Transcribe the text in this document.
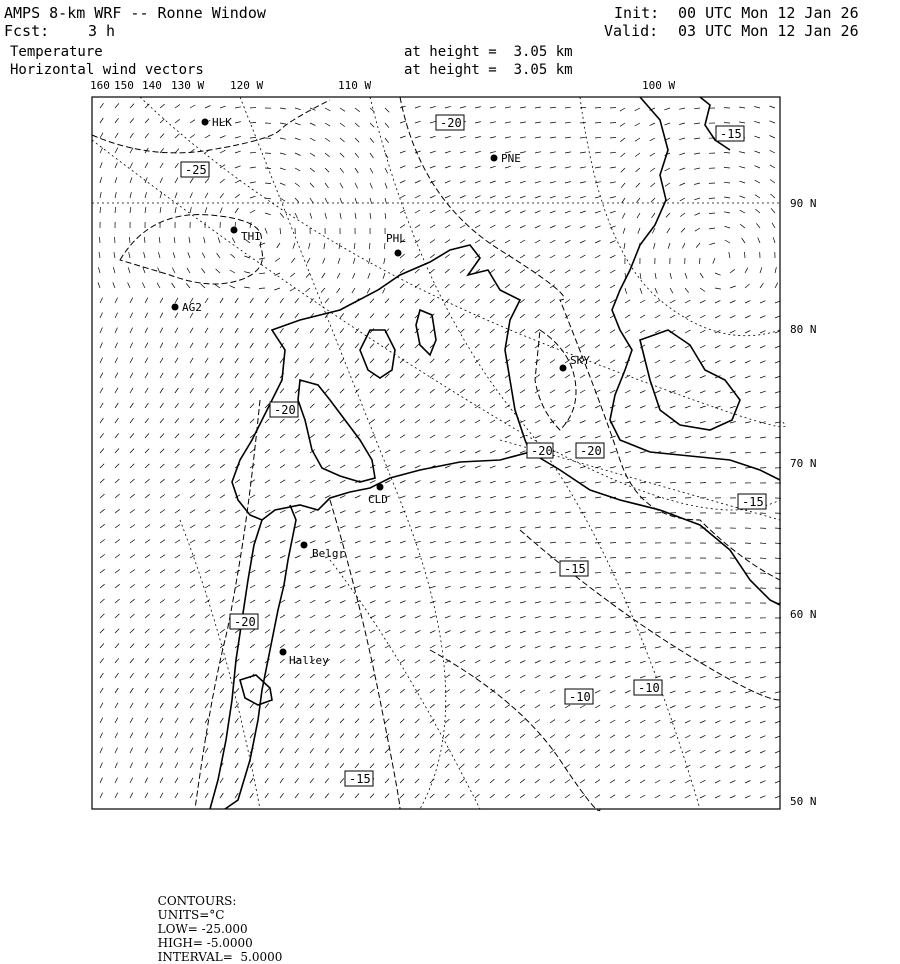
AMPS 8-km WRF -- Ronne Window
Fcst:	3 h
Init: 00 UTC Mon 12 Jan 26
Valid: 03 UTC Mon 12 Jan 26
Temperature
Horizontal wind vectors
at height =  3.05 km
at height =  3.05 km
-20
-15
-25
-20
-20 -20
-15
-15
-20
-10
-10
-15
HLK
PNE
THI	PHL
AG2
SKY
CLD
Belgr
Halley
160 150 140 130 W 120 W	110 W	100 W
90 N
80 N
70 N
60 N
50 N

CONTOURS:
UNITS=°C
LOW= -25.000
HIGH= -5.0000
INTERVAL=  5.0000
